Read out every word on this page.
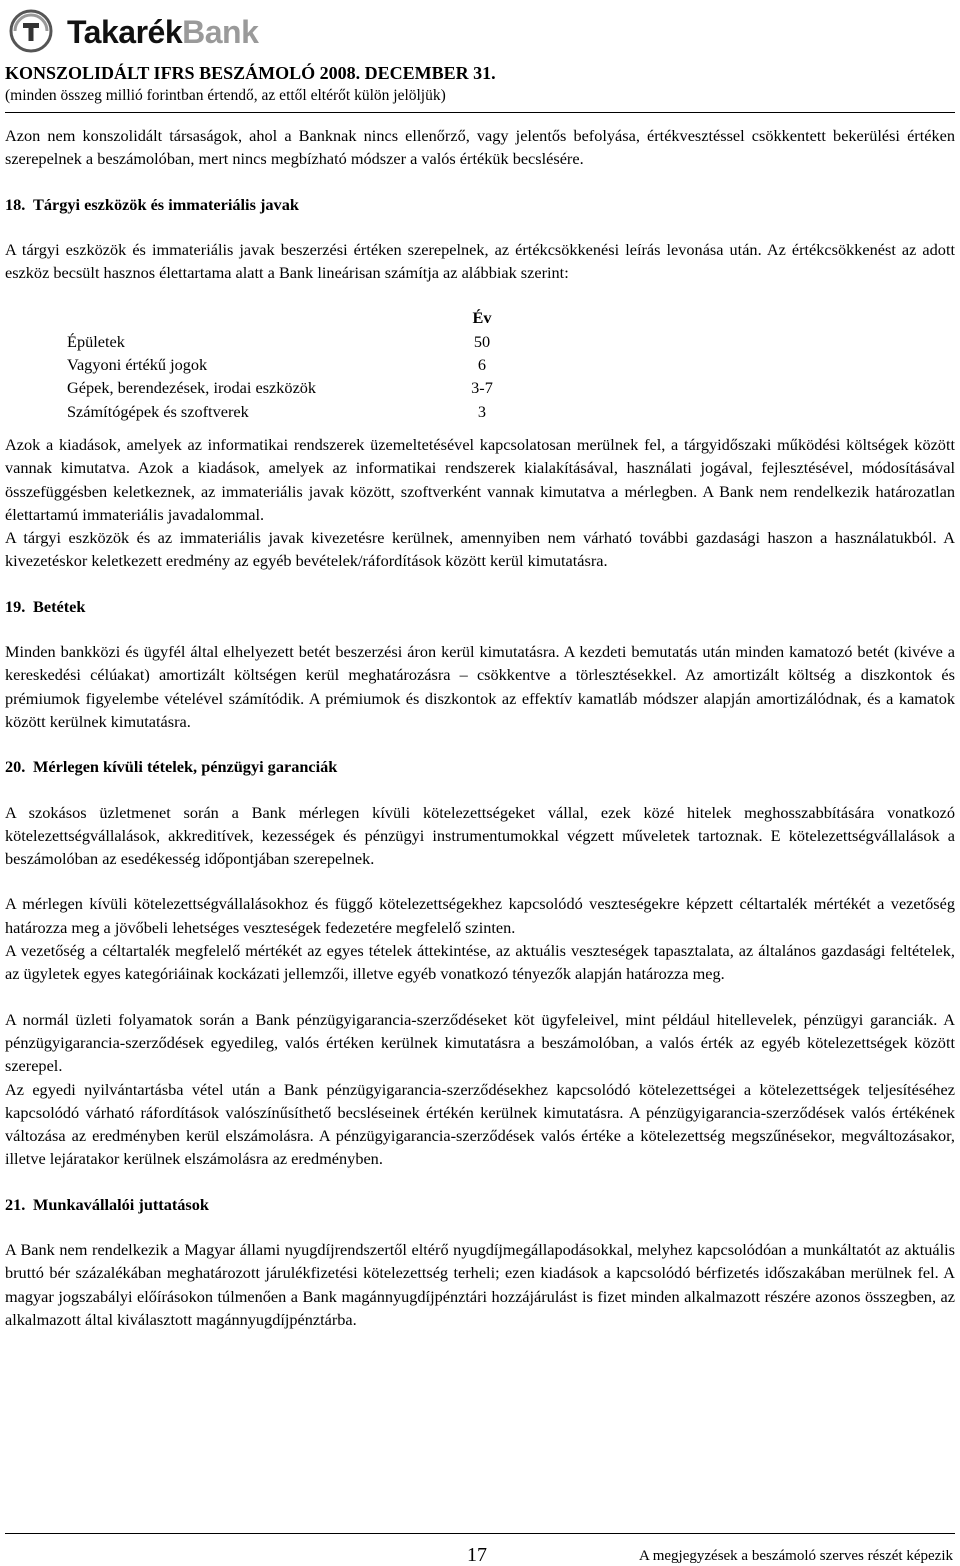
TakarékBank
KONSZOLIDÁLT IFRS BESZÁMOLÓ 2008. DECEMBER 31.
(minden összeg millió forintban értendő, az ettől eltérőt külön jelöljük)

Azon nem konszolidált társaságok, ahol a Banknak nincs ellenőrző, vagy jelentős befolyása, értékvesztéssel csökkentett bekerülési értéken szerepelnek a beszámolóban, mert nincs megbízható módszer a valós értékük becslésére.

18. Tárgyi eszközök és immateriális javak

A tárgyi eszközök és immateriális javak beszerzési értéken szerepelnek, az értékcsökkenési leírás levonása után. Az értékcsökkenést az adott eszköz becsült hasznos élettartama alatt a Bank lineárisan számítja az alábbiak szerint:

	Év
Épületek	50
Vagyoni értékű jogok	6
Gépek, berendezések, irodai eszközök	3-7
Számítógépek és szoftverek	3

Azok a kiadások, amelyek az informatikai rendszerek üzemeltetésével kapcsolatosan merülnek fel, a tárgyidőszaki működési költségek között vannak kimutatva. Azok a kiadások, amelyek az informatikai rendszerek kialakításával, használati jogával, fejlesztésével, módosításával összefüggésben keletkeznek, az immateriális javak között, szoftverként vannak kimutatva a mérlegben. A Bank nem rendelkezik határozatlan élettartamú immateriális javadalommal.

A tárgyi eszközök és az immateriális javak kivezetésre kerülnek, amennyiben nem várható további gazdasági haszon a használatukból. A kivezetéskor keletkezett eredmény az egyéb bevételek/ráfordítások között kerül kimutatásra.

19. Betétek

Minden bankközi és ügyfél által elhelyezett betét beszerzési áron kerül kimutatásra. A kezdeti bemutatás után minden kamatozó betét (kivéve a kereskedési célúakat) amortizált költségen kerül meghatározásra – csökkentve a törlesztésekkel. Az amortizált költség a diszkontok és prémiumok figyelembe vételével számítódik. A prémiumok és diszkontok az effektív kamatláb módszer alapján amortizálódnak, és a kamatok között kerülnek kimutatásra.

20. Mérlegen kívüli tételek, pénzügyi garanciák

A szokásos üzletmenet során a Bank mérlegen kívüli kötelezettségeket vállal, ezek közé hitelek meghosszabbítására vonatkozó kötelezettségvállalások, akkreditívek, kezességek és pénzügyi instrumentumokkal végzett műveletek tartoznak. E kötelezettségvállalások a beszámolóban az esedékesség időpontjában szerepelnek.

A mérlegen kívüli kötelezettségvállalásokhoz és függő kötelezettségekhez kapcsolódó veszteségekre képzett céltartalék mértékét a vezetőség határozza meg a jövőbeli lehetséges veszteségek fedezetére megfelelő szinten.

A vezetőség a céltartalék megfelelő mértékét az egyes tételek áttekintése, az aktuális veszteségek tapasztalata, az általános gazdasági feltételek, az ügyletek egyes kategóriáinak kockázati jellemzői, illetve egyéb vonatkozó tényezők alapján határozza meg.

A normál üzleti folyamatok során a Bank pénzügyigarancia-szerződéseket köt ügyfeleivel, mint például hitellevelek, pénzügyi garanciák. A pénzügyigarancia-szerződések egyedileg, valós értéken kerülnek kimutatásra a beszámolóban, a valós érték az egyéb kötelezettségek között szerepel.

Az egyedi nyilvántartásba vétel után a Bank pénzügyigarancia-szerződésekhez kapcsolódó kötelezettségei a kötelezettségek teljesítéséhez kapcsolódó várható ráfordítások valószínűsíthető becsléseinek értékén kerülnek kimutatásra. A pénzügyigarancia-szerződések valós értékének változása az eredményben kerül elszámolásra. A pénzügyigarancia-szerződések valós értéke a kötelezettség megszűnésekor, megváltozásakor, illetve lejáratakor kerülnek elszámolásra az eredményben.

21. Munkavállalói juttatások

A Bank nem rendelkezik a Magyar állami nyugdíjrendszertől eltérő nyugdíjmegállapodásokkal, melyhez kapcsolódóan a munkáltatót az aktuális bruttó bér százalékában meghatározott járulékfizetési kötelezettség terheli; ezen kiadások a kapcsolódó bérfizetés időszakában merülnek fel. A magyar jogszabályi előírásokon túlmenően a Bank magánnyugdíjpénztári hozzájárulást is fizet minden alkalmazott részére azonos összegben, az alkalmazott által kiválasztott magánnyugdíjpénztárba.

17	A megjegyzések a beszámoló szerves részét képezik
